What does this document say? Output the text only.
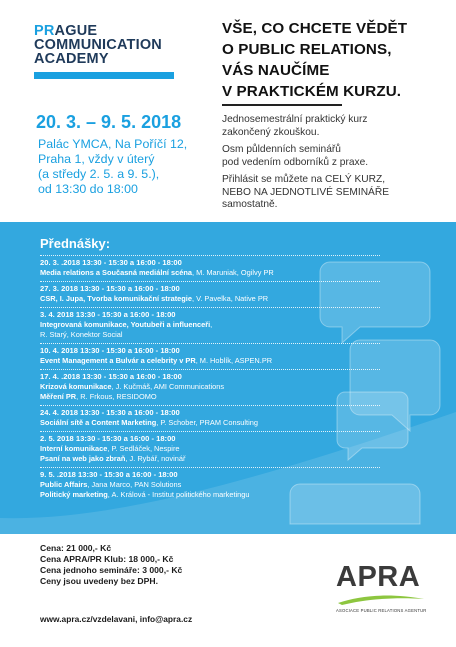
PRAGUE
COMMUNICATION
ACADEMY
VŠE, CO CHCETE VĚDĚT
O PUBLIC RELATIONS,
VÁS NAUČÍME
V PRAKTICKÉM KURZU.
20. 3. – 9. 5. 2018
Palác YMCA, Na Poříčí 12,
Praha 1, vždy v úterý
(a středy 2. 5. a 9. 5.),
od 13:30 do 18:00

Jednosemestrální praktický kurz
zakončený zkouškou.

Osm půldenních seminářů
pod vedením odborníků z praxe.

Přihlásit se můžete na CELÝ KURZ,
NEBO NA JEDNOTLIVÉ SEMINÁŘE
samostatně.

Přednášky:
20. 3. .2018 13:30 - 15:30 a 16:00 - 18:00
Media relations a Současná mediální scéna, M. Maruniak, Ogilvy PR
27. 3. 2018 13:30 - 15:30 a 16:00 - 18:00
CSR, I. Jupa, Tvorba komunikační strategie, V. Pavelka, Native PR
3. 4. 2018 13:30 - 15:30 a 16:00 - 18:00
Integrovaná komunikace, Youtubeři a influenceři,
R. Starý, Konektor Social
10. 4. 2018 13:30 - 15:30 a 16:00 - 18:00
Event Management a Bulvár a celebrity v PR, M. Hoblík, ASPEN.PR
17. 4. .2018 13:30 - 15:30 a 16:00 - 18:00
Krizová komunikace, J. Kučmáš, AMI Communications
Měření PR, R. Frkous, RESIDOMO
24. 4. 2018 13:30 - 15:30 a 16:00 - 18:00
Sociální sítě a Content Marketing, P. Schober, PRAM Consulting
2. 5. 2018 13:30 - 15:30 a 16:00 - 18:00
Interní komunikace, P. Sedláček, Nespire
Psaní na web jako zbraň, J. Rybář, novinář
9. 5. .2018 13:30 - 15:30 a 16:00 - 18:00
Public Affairs, Jana Marco, PAN Solutions
Politický marketing, A. Králová - Institut politického marketingu
Cena: 21 000,- Kč
Cena APRA/PR Klub: 18 000,- Kč
Cena jednoho semináře: 3 000,- Kč
Ceny jsou uvedeny bez DPH.
www.apra.cz/vzdelavani, info@apra.cz
APRA
ASOCIACE PUBLIC RELATIONS AGENTUR
